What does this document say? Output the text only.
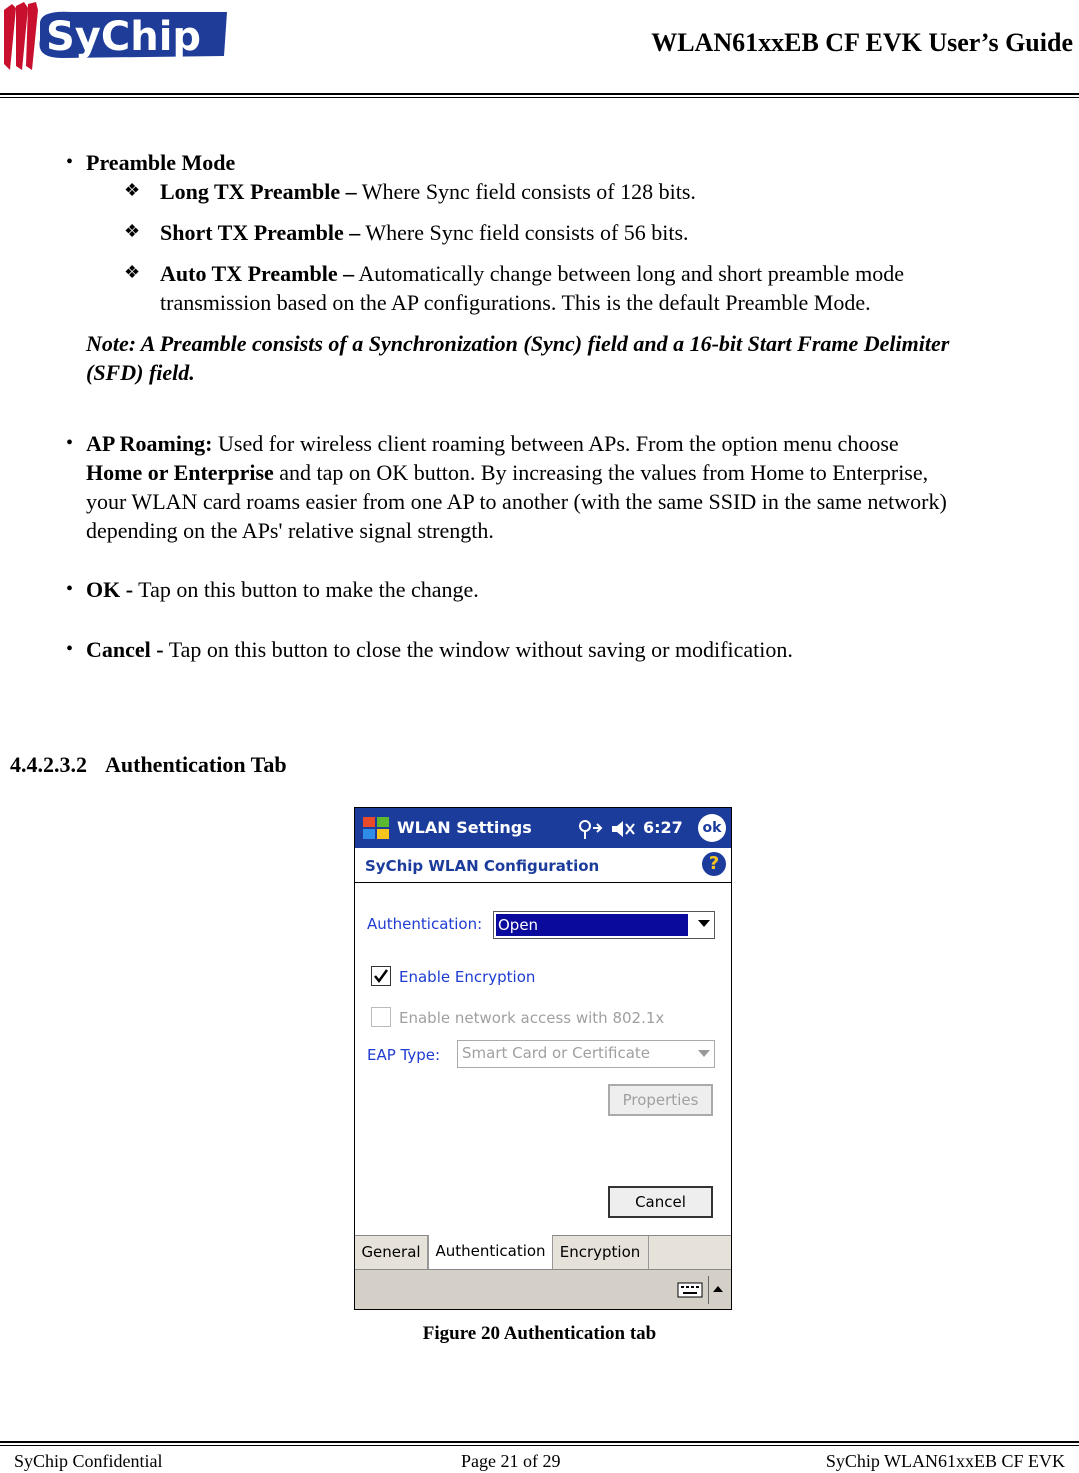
SyChip	WLAN61xxEB CF EVK User’s Guide
• Preamble Mode
❖ Long TX Preamble – Where Sync field consists of 128 bits.
❖ Short TX Preamble – Where Sync field consists of 56 bits.
❖ Auto TX Preamble – Automatically change between long and short preamble mode
transmission based on the AP configurations. This is the default Preamble Mode.
Note: A Preamble consists of a Synchronization (Sync) field and a 16-bit Start Frame Delimiter
(SFD) field.
• AP Roaming: Used for wireless client roaming between APs. From the option menu choose
Home or Enterprise and tap on OK button. By increasing the values from Home to Enterprise,
your WLAN card roams easier from one AP to another (with the same SSID in the same network)
depending on the APs' relative signal strength.
• OK - Tap on this button to make the change.
• Cancel - Tap on this button to close the window without saving or modification.
4.4.2.3.2 Authentication Tab
WLAN Settings	6:27	ok
SyChip WLAN Configuration	?
Authentication: Open
Enable Encryption
Enable network access with 802.1x
EAP Type: Smart Card or Certificate
Properties
Cancel
General Authentication Encryption
Figure 20 Authentication tab
SyChip Confidential	Page 21 of 29	SyChip WLAN61xxEB CF EVK
